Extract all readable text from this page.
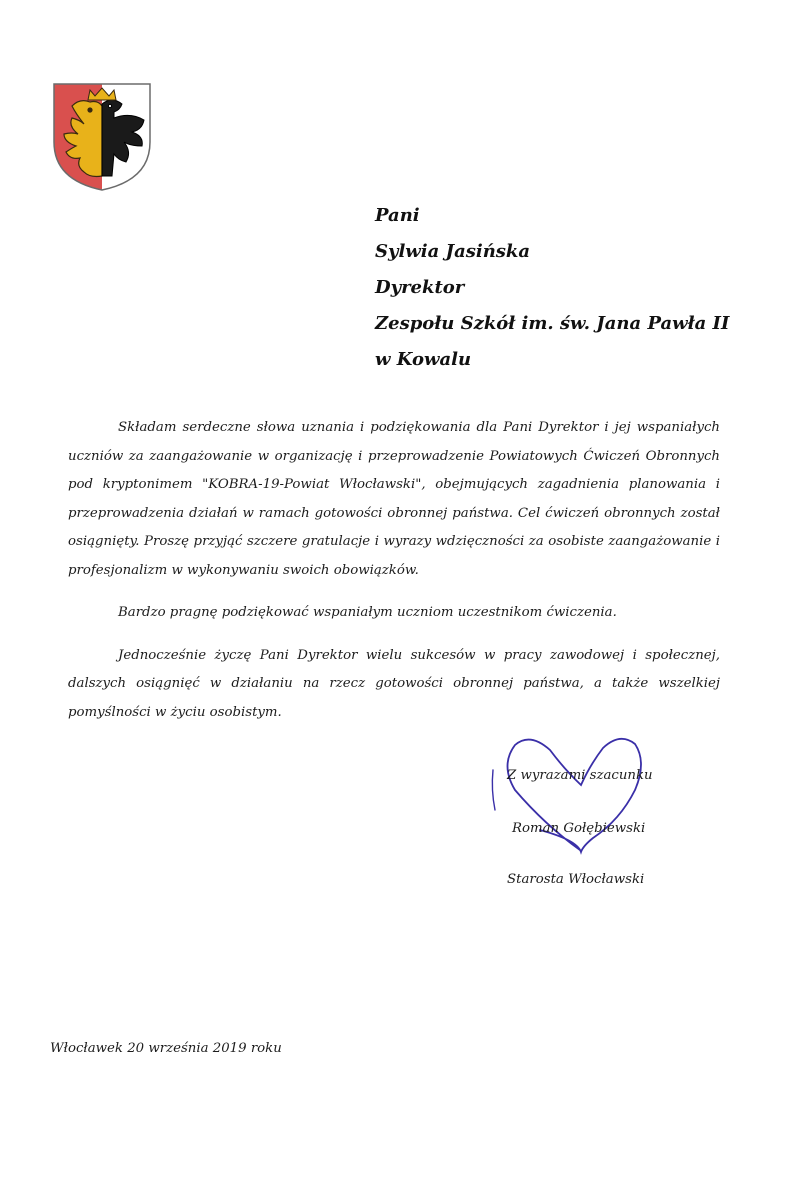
Pani
Sylwia Jasińska
Dyrektor
Zespołu Szkół im. św. Jana Pawła II
w Kowalu

Składam serdeczne słowa uznania i podziękowania dla Pani Dyrektor i jej wspaniałych uczniów za zaangażowanie w organizację i przeprowadzenie Powiatowych Ćwiczeń Obronnych pod kryptonimem "KOBRA-19-Powiat Włocławski", obejmujących zagadnienia planowania i przeprowadzenia działań w ramach gotowości obronnej państwa. Cel ćwiczeń obronnych został osiągnięty. Proszę przyjąć szczere gratulacje i wyrazy wdzięczności za osobiste zaangażowanie i profesjonalizm w wykonywaniu swoich obowiązków.

Bardzo pragnę podziękować wspaniałym uczniom uczestnikom ćwiczenia.

Jednocześnie życzę Pani Dyrektor wielu sukcesów w pracy zawodowej i społecznej, dalszych osiągnięć w działaniu na rzecz gotowości obronnej państwa, a także wszelkiej pomyślności w życiu osobistym.

Z wyrazami szacunku
Roman Gołębiewski
Starosta Włocławski
Włocławek 20 września 2019 roku
